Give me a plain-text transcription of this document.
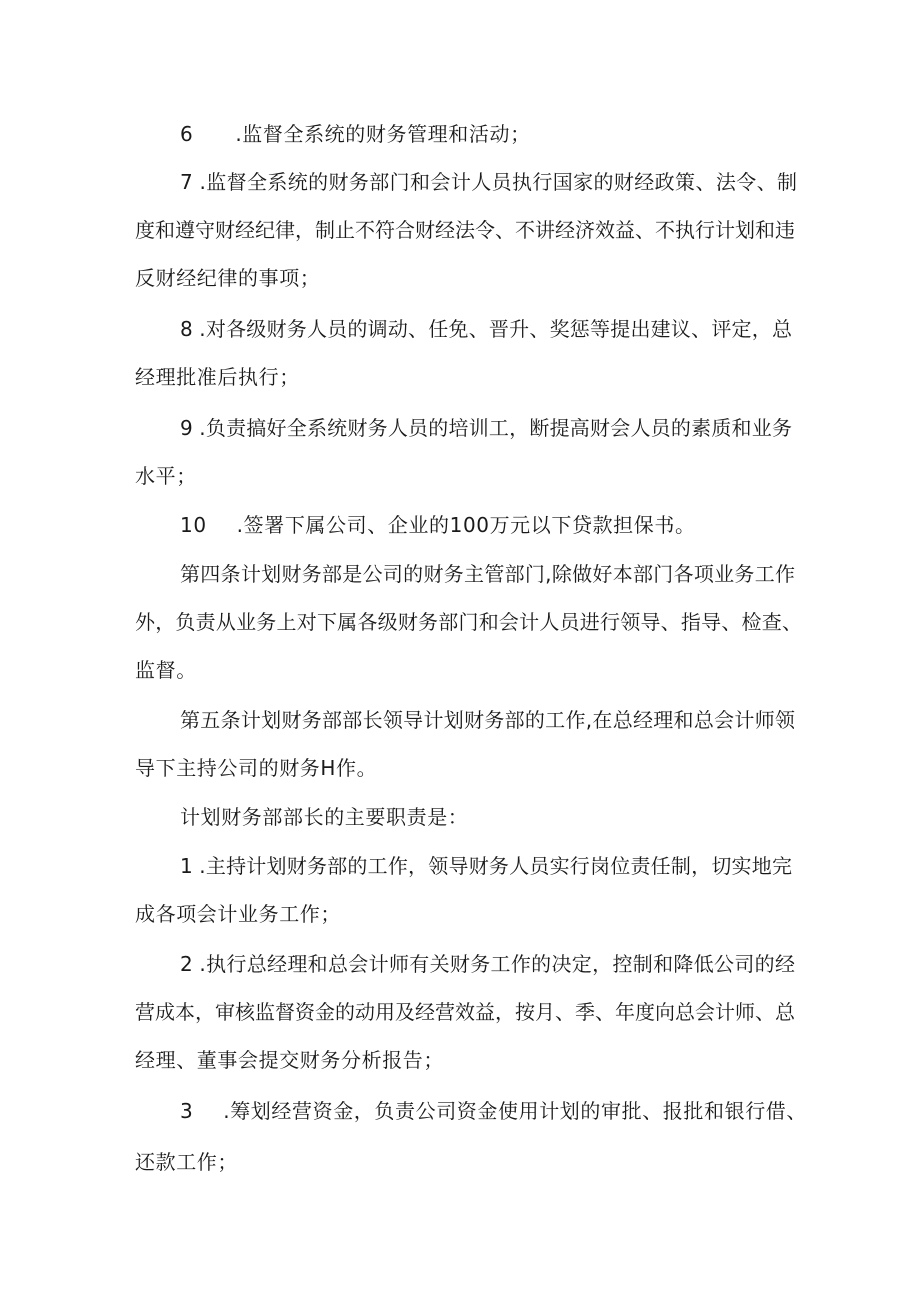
6 .监督全系统的财务管理和活动；
7 .监督全系统的财务部门和会计人员执行国家的财经政策、法令、制
度和遵守财经纪律，制止不符合财经法令、不讲经济效益、不执行计划和违
反财经纪律的事项；
8 .对各级财务人员的调动、任免、晋升、奖惩等提出建议、评定，总
经理批准后执行；
9 .负责搞好全系统财务人员的培训工，断提高财会人员的素质和业务
水平；
10 .签署下属公司、企业的100万元以下贷款担保书。
第四条计划财务部是公司的财务主管部门,除做好本部门各项业务工作
外，负责从业务上对下属各级财务部门和会计人员进行领导、指导、检查、
监督。
第五条计划财务部部长领导计划财务部的工作,在总经理和总会计师领
导下主持公司的财务H作。
计划财务部部长的主要职责是：
1 .主持计划财务部的工作，领导财务人员实行岗位责任制，切实地完
成各项会计业务工作；
2 .执行总经理和总会计师有关财务工作的决定，控制和降低公司的经
营成本，审核监督资金的动用及经营效益，按月、季、年度向总会计师、总
经理、董事会提交财务分析报告；
3 .筹划经营资金，负责公司资金使用计划的审批、报批和银行借、
还款工作；
